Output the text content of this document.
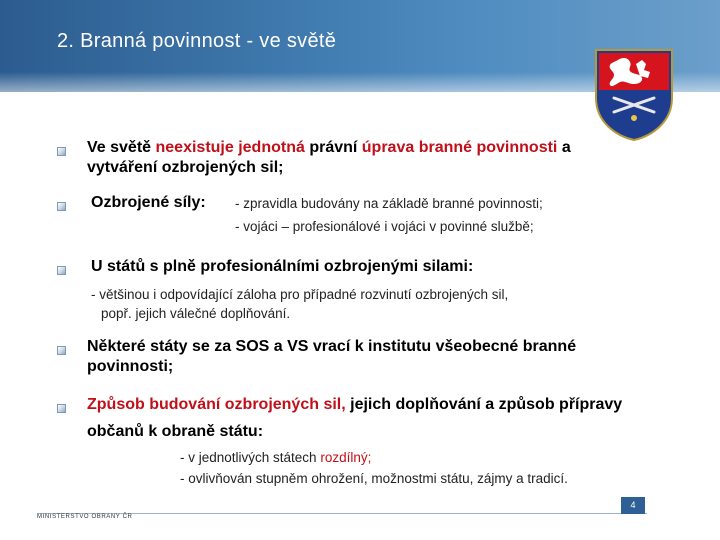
2. Branná povinnost - ve světě
Ve světě neexistuje jednotná právní úprava branné povinnosti a
vytváření ozbrojených sil;
Ozbrojené síly: - zpravidla budovány na základě branné povinnosti;
- vojáci – profesionálové i vojáci v povinné službě;
U států s plně profesionálními ozbrojenými silami:
- většinou i odpovídající záloha pro případné rozvinutí ozbrojených sil,
popř. jejich válečné doplňování.
Některé státy se za SOS a VS vrací k institutu všeobecné branné
povinnosti;
Způsob budování ozbrojených sil, jejich doplňování a způsob přípravy
občanů k obraně státu:
- v jednotlivých státech rozdílný;
- ovlivňován stupněm ohrožení, možnostmi státu, zájmy a tradicí.
MINISTERSTVO OBRANY ČR
4
